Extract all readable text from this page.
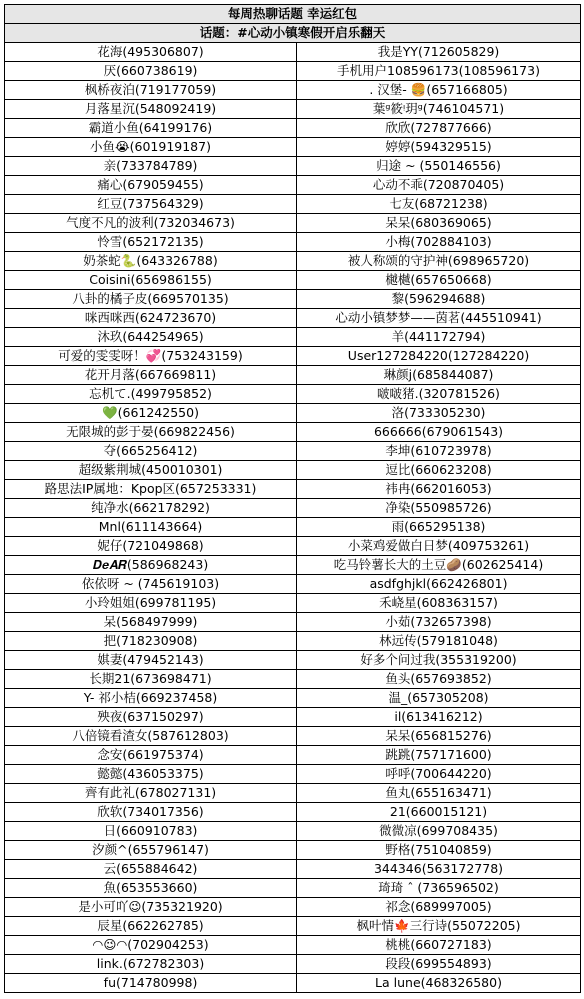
每周热聊话题 幸运红包	
话题：#心动小镇寒假开启乐翻天	
花海(495306807)	我是YY(712605829)
厌(660738619)	手机用户108596173(108596173)
枫桥夜泊(719177059)	. 汉堡- 🍔(657166805)
月落星沉(548092419)	葉ᵍ筱ᵎ玥ᵍ(746104571)
霸道小鱼(64199176)	欣欣(727877666)
小鱼😭(601919187)	婷婷(594329515)
亲(733784789)	归途 ~ (550146556)
痛心(679059455)	心动不乖(720870405)
红豆(737564329)	七友(68721238)
气度不凡的波利(732034673)	呆呆(680369065)
怜雪(652172135)	小梅(702884103)
奶茶蛇🐍(643326788)	被人称颂的守护神(698965720)
Coisini(656986155)	樾樾(657650668)
八卦的橘子皮(669570135)	黎(596294688)
咪西咪西(624723670)	心动小镇梦梦——茵茗(445510941)
沐玖(644254965)	羊(441172794)
可爱的雯雯呀！💞(753243159)	User127284220(127284220)
花开月落(667669811)	琳颜j(685844087)
忘机て.(499795852)	啵啵猪.(320781526)
💚(661242550)	洛(733305230)
无限城的彭于晏(669822456)	666666(679061543)
夺(665256412)	李坤(610723978)
超级紫荆城(450010301)	逗比(660623208)
路思法IP属地：Kpop区(657253331)	祎冉(662016053)
纯净水(662178292)	净染(550985726)
Mnl(611143664)	雨(665295138)
妮仔(721049868)	小菜鸡爱做白日梦(409753261)
𝑫𝒆𝑨𝑹(586968243)	吃马铃薯长大的土豆🥔(602625414)
依依呀 ~ (745619103)	asdfghjkl(662426801)
小玲姐姐(699781195)	禾峣星(608363157)
呆(568497999)	小茹(732657398)
把(718230908)	林远传(579181048)
娸妻(479452143)	好多个问过我(355319200)
长期21(673698471)	鱼头(657693852)
Y- 祁小桔(669237458)	温_(657305208)
殃夜(637150297)	il(613416212)
八倍镜看渣女(587612803)	呆呆(656815276)
念安(661975374)	跳跳(757171600)
懿懿(436053375)	呼呼(700644220)
齊有此礼(678027131)	鱼丸(655163471)
欣软(734017356)	21(660015121)
日(660910783)	微微凉(699708435)
汐颜^(655796147)	野格(751040859)
云(655884642)	344346(563172778)
魚(653553660)	琦琦 ˆ (736596502)
是小可吖😉(735321920)	祁念(689997005)
辰星(662262785)	枫叶情🍁三行诗(55072205)
◠😉◠(702904253)	桃桃(660727183)
link.(672782303)	段段(699554893)
fu(714780998)	La lune(468326580)
